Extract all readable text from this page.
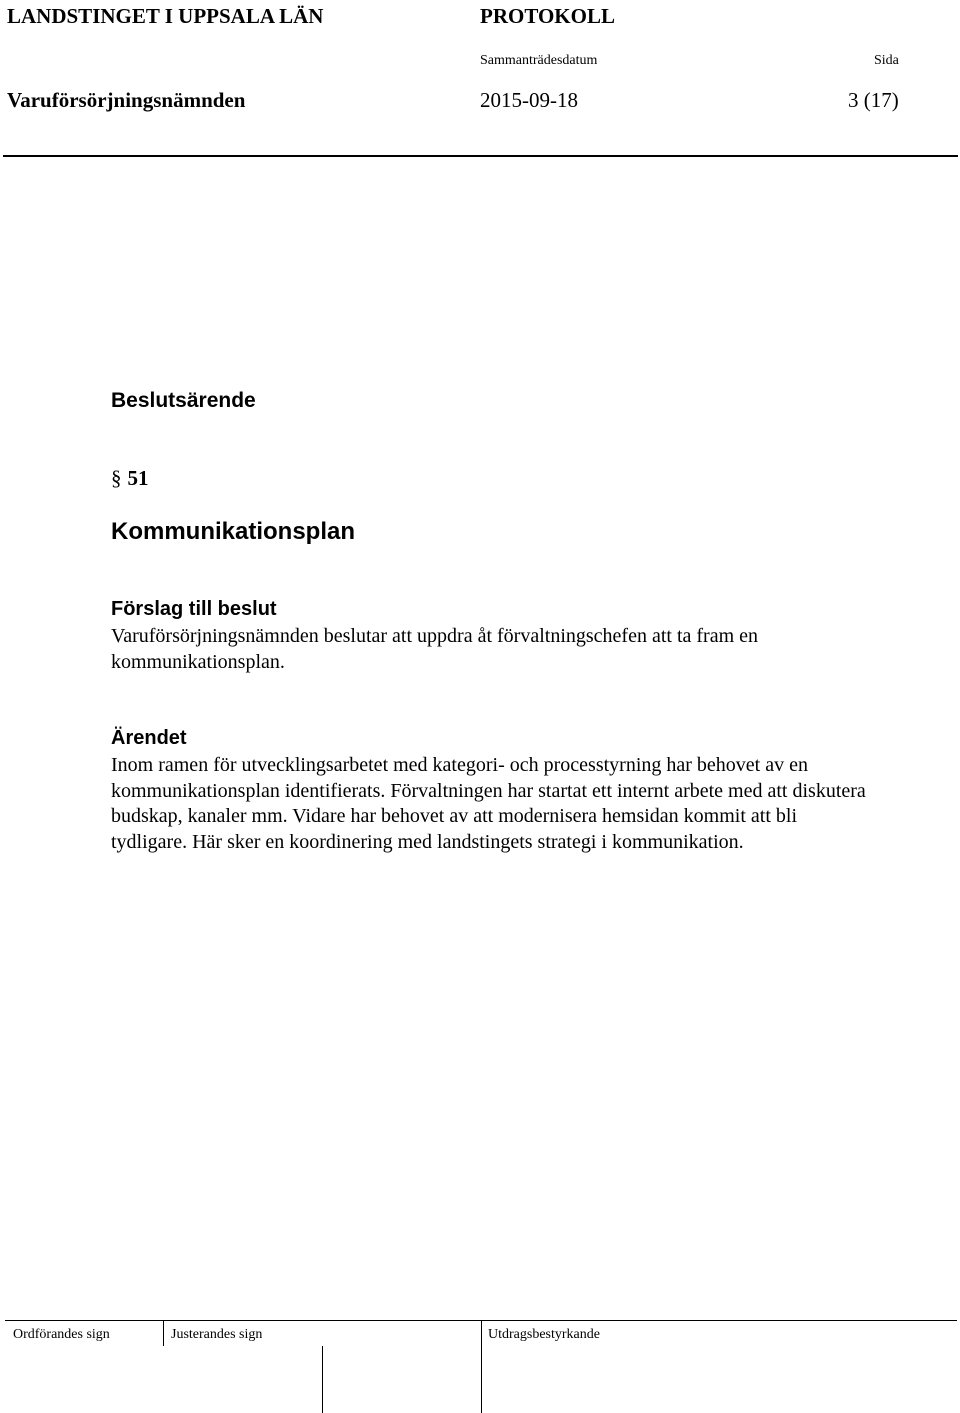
LANDSTINGET I UPPSALA LÄN	PROTOKOLL
Sammanträdesdatum	Sida
Varuförsörjningsnämnden	2015-09-18	3 (17)
Beslutsärende
§ 51
Kommunikationsplan
Förslag till beslut
Varuförsörjningsnämnden beslutar att uppdra åt förvaltningschefen att ta fram en
kommunikationsplan.
Ärendet
Inom ramen för utvecklingsarbetet med kategori- och processtyrning har behovet av en
kommunikationsplan identifierats. Förvaltningen har startat ett internt arbete med att diskutera
budskap, kanaler mm. Vidare har behovet av att modernisera hemsidan kommit att bli
tydligare. Här sker en koordinering med landstingets strategi i kommunikation.
Ordförandes sign	Justerandes sign	Utdragsbestyrkande
